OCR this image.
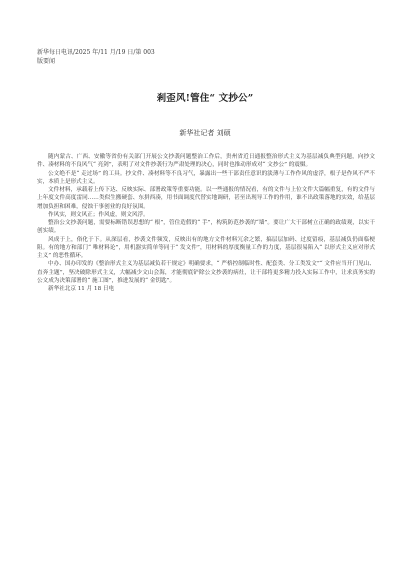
新华每日电讯/2025 年/11 月/19 日/第 003
版要闻
剎歪风!管住“ 文抄公”
新华社记者 刘硕

随内蒙古、广西、安徽等省份有关部门开展公文抄袭问题整治工作后，贵州省近日通报整治形式主义为基层减负典型问题，向抄文件、凑材料的不良风气“ 亮剑”，表明了对文件抄袭行为严肃处理的决心，同时也推动形成对“ 文抄公” 的震慑。

公文绝不是“ 走过场” 的工具。抄文件、凑材料等不良习气，暴露出一些干部责任意识的淡薄与工作作风的虚浮，根子是作风不严不实，本质上是形式主义。

文件材料，承载着上传下达、反映实际、部署政策等重要功能。以一些通报的情况看，有的文件与上位文件大篇幅重复，有的文件与上年度文件高度雷同……类似生搬硬套、东拼西凑，用书面调度代替实地调研，甚至出现导工作的作用，谁不出政策落地的实效，给基层增加负担和困难，侵蚀干事创业的良好氛围。

作风实，则文风正；作风虚，则文风浮。

整治公文抄袭问题，需要标断错误思想的“ 根”，管住造假的“ 手”，构筑防范抄袭的“墙”。要让广大干部树立正确的政绩观，以实干创实绩。

风成于上，俗化于下。从深层看，抄袭文件频发，反映出有的地方文件材料冗余之繁，搞层层加码、过度留痕，基层减负仍面临梗阻。有的地方和部门“ 唯材料论”，用机器实简单等同于“ 发文件”，用材料的厚度衡量工作的力度，基层很易陷入“ 以形式主义应对形式主义” 的恶性循环。

中办、国办印发的《整治形式主义为基层减负若干规定》明确要求，“ 严格控制临时性、配套类、分工类发文”“ 文件应当开门见山、直奔主题”，坚决破除形式主义，大幅减少文山会海，才能彻底铲除公文抄袭的病灶，让干部将更多精力投入实际工作中，让求真务实的公文成为决策部署的“ 施工图”，推进发展的“ 金钥匙”。

新华社北京 11 月 18 日电
